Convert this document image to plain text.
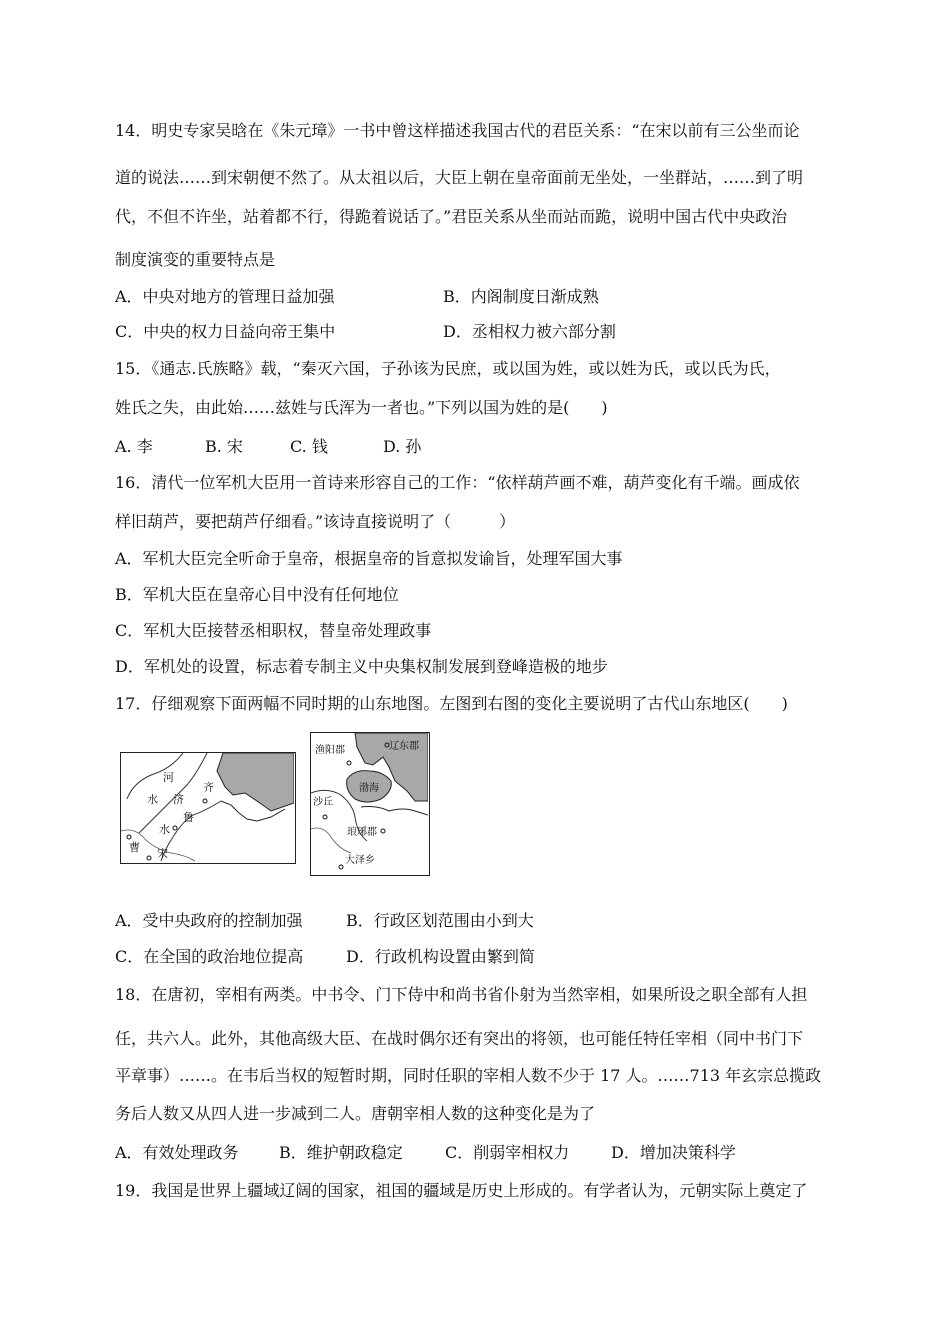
14．明史专家吴晗在《朱元璋》一书中曾这样描述我国古代的君臣关系：“在宋以前有三公坐而论
道的说法……到宋朝便不然了。从太祖以后，大臣上朝在皇帝面前无坐处，一坐群站，……到了明
代，不但不许坐，站着都不行，得跪着说话了。”君臣关系从坐而站而跪，说明中国古代中央政治
制度演变的重要特点是
A．中央对地方的管理日益加强	B．内阁制度日渐成熟
C．中央的权力日益向帝王集中	D．丞相权力被六部分割
15．《通志.氏族略》载，“秦灭六国，子孙该为民庶，或以国为姓，或以姓为氏，或以氏为氏，
姓氏之失，由此始……兹姓与氏浑为一者也。”下列以国为姓的是(　　)
A. 李	B. 宋	C. 钱	D. 孙
16．清代一位军机大臣用一首诗来形容自己的工作：“依样葫芦画不难，葫芦变化有千端。画成依
样旧葫芦，要把葫芦仔细看。”该诗直接说明了（　　　）
A．军机大臣完全听命于皇帝，根据皇帝的旨意拟发谕旨，处理军国大事
B．军机大臣在皇帝心目中没有任何地位
C．军机大臣接替丞相职权，替皇帝处理政事
D．军机处的设置，标志着专制主义中央集权制发展到登峰造极的地步
17．仔细观察下面两幅不同时期的山东地图。左图到右图的变化主要说明了古代山东地区(　　)
河
齐
水 济
鲁
水
曹 宋
渔阳郡	辽东郡
渤海
沙丘
琅琊郡
大泽乡
A．受中央政府的控制加强	B．行政区划范围由小到大
C．在全国的政治地位提高	D．行政机构设置由繁到简
18．在唐初，宰相有两类。中书令、门下侍中和尚书省仆射为当然宰相，如果所设之职全部有人担
任，共六人。此外，其他高级大臣、在战时偶尔还有突出的将领，也可能任特任宰相（同中书门下
平章事）……。在韦后当权的短暂时期，同时任职的宰相人数不少于 17 人。……713 年玄宗总揽政
务后人数又从四人进一步减到二人。唐朝宰相人数的这种变化是为了
A．有效处理政务	B．维护朝政稳定	C．削弱宰相权力	D．增加决策科学
19．我国是世界上疆域辽阔的国家，祖国的疆域是历史上形成的。有学者认为，元朝实际上奠定了
